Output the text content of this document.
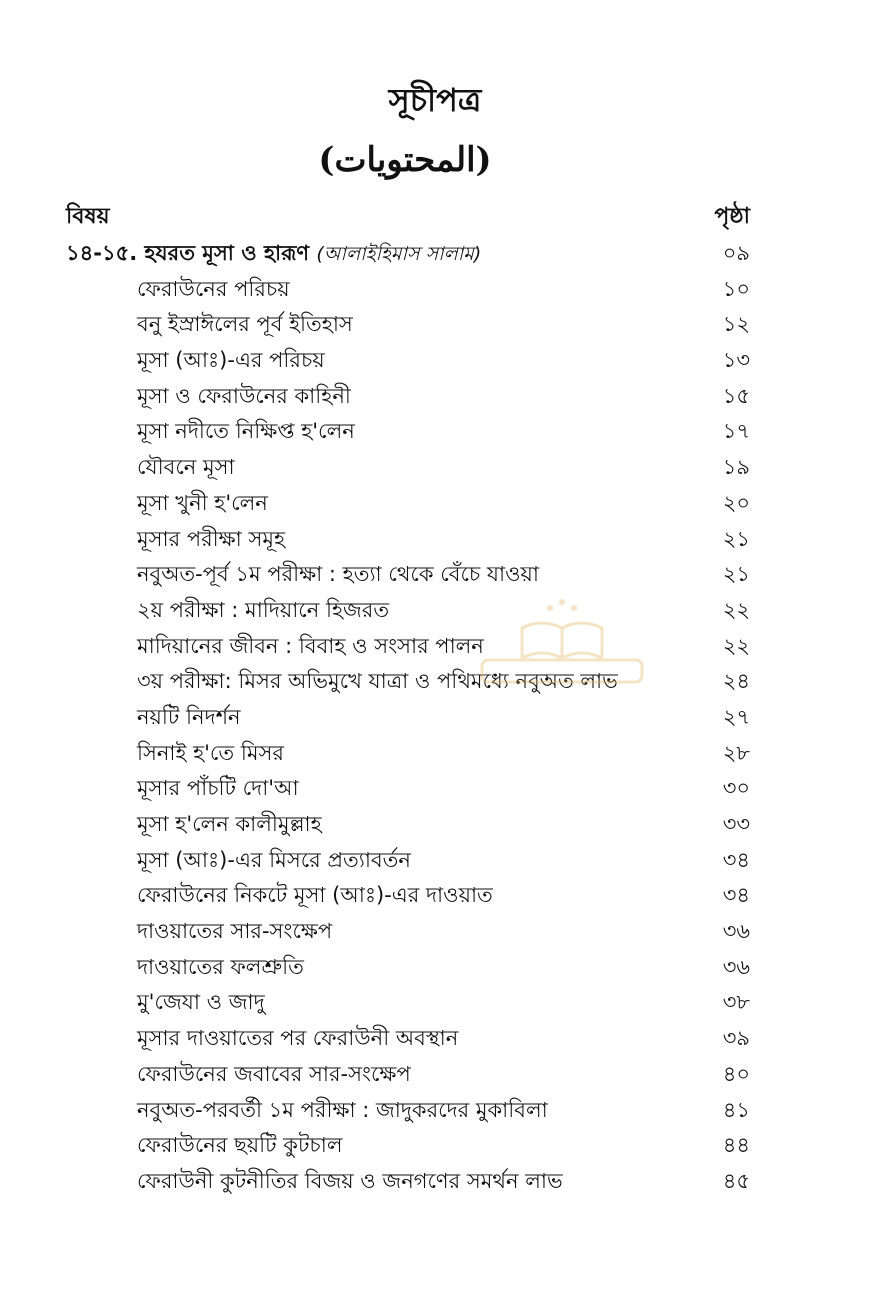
সূচীপত্র
(المحتويات)
বিষয়	পৃষ্ঠা
১৪-১৫. হযরত মূসা ও হারূণ (আলাইহিমাস সালাম)	০৯
ফেরাউনের পরিচয়	১০
বনু ইস্রাঈলের পূর্ব ইতিহাস	১২
মূসা (আঃ)-এর পরিচয়	১৩
মূসা ও ফেরাউনের কাহিনী	১৫
মূসা নদীতে নিক্ষিপ্ত হ'লেন	১৭
যৌবনে মূসা	১৯
মূসা খুনী হ'লেন	২০
মূসার পরীক্ষা সমূহ	২১
নবুঅত-পূর্ব ১ম পরীক্ষা : হত্যা থেকে বেঁচে যাওয়া	২১
২য় পরীক্ষা : মাদিয়ানে হিজরত	২২
মাদিয়ানের জীবন : বিবাহ ও সংসার পালন	২২
৩য় পরীক্ষা: মিসর অভিমুখে যাত্রা ও পথিমধ্যে নবুঅত লাভ	২৪
নয়টি নিদর্শন	২৭
সিনাই হ'তে মিসর	২৮
মূসার পাঁচটি দো'আ	৩০
মূসা হ'লেন কালীমুল্লাহ	৩৩
মূসা (আঃ)-এর মিসরে প্রত্যাবর্তন	৩৪
ফেরাউনের নিকটে মূসা (আঃ)-এর দাওয়াত	৩৪
দাওয়াতের সার-সংক্ষেপ	৩৬
দাওয়াতের ফলশ্রুতি	৩৬
মু'জেযা ও জাদু	৩৮
মূসার দাওয়াতের পর ফেরাউনী অবস্থান	৩৯
ফেরাউনের জবাবের সার-সংক্ষেপ	৪০
নবুঅত-পরবর্তী ১ম পরীক্ষা : জাদুকরদের মুকাবিলা	৪১
ফেরাউনের ছয়টি কুটচাল	৪৪
ফেরাউনী কুটনীতির বিজয় ও জনগণের সমর্থন লাভ	৪৫
